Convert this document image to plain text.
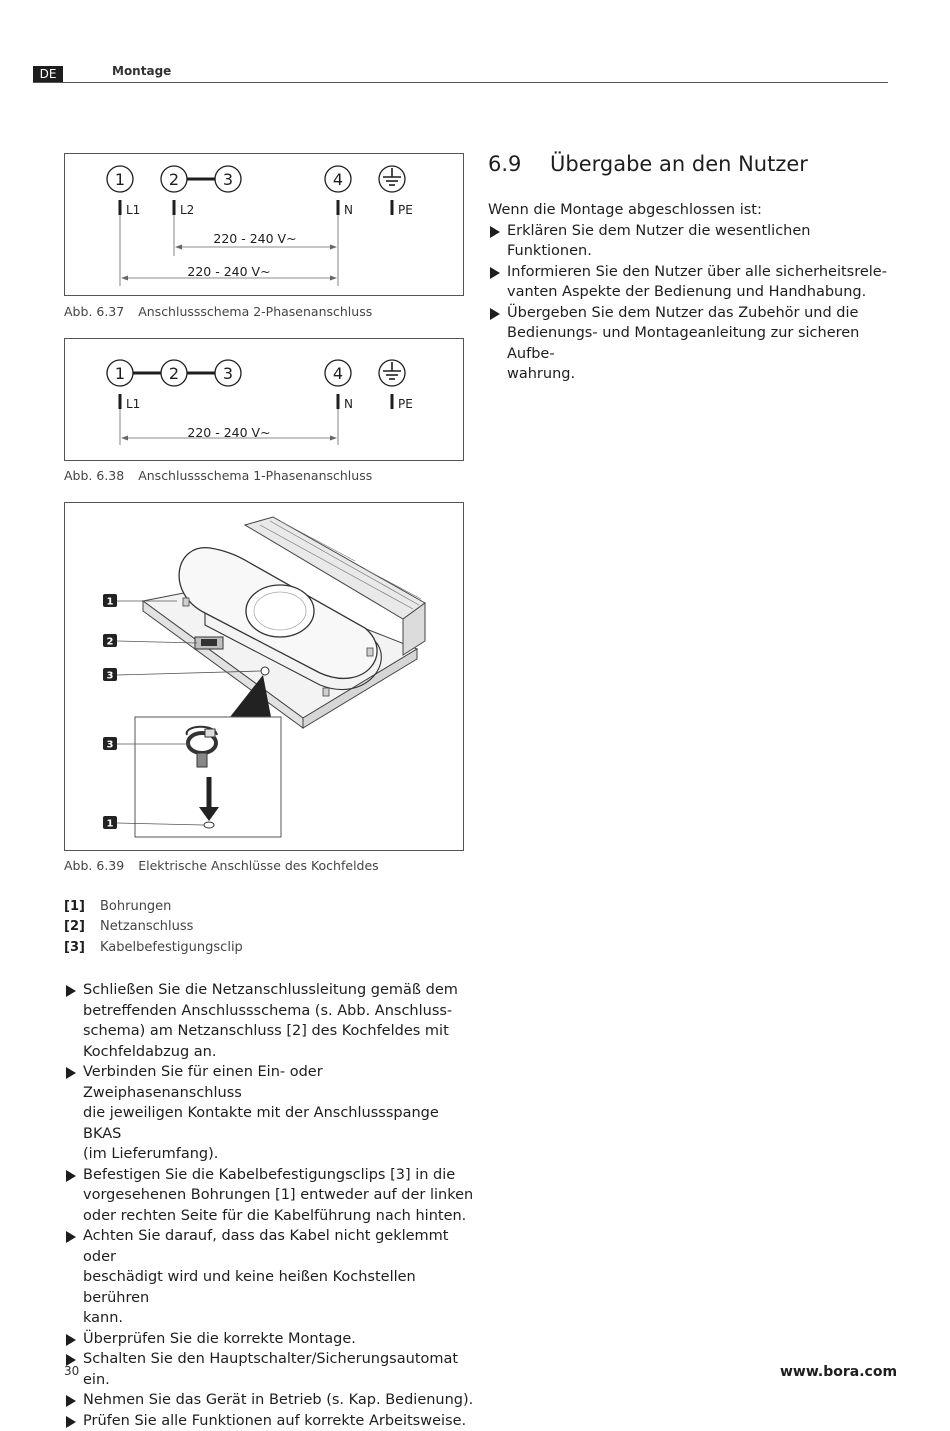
DE	Montage
1	2	3	4
L1	L2	N	PE
220 - 240 V~
220 - 240 V~
Abb. 6.37 Anschlussschema 2-Phasenanschluss
1	2	3	4
L1	N	PE
220 - 240 V~
Abb. 6.38 Anschlussschema 1-Phasenanschluss
1
2
3
3
1
Abb. 6.39 Elektrische Anschlüsse des Kochfeldes
[1] Bohrungen
[2] Netzanschluss
[3] Kabelbefestigungsclip
Schließen Sie die Netzanschlussleitung gemäß dem
betreffenden Anschlussschema (s. Abb. Anschluss-
schema) am Netzanschluss [2] des Kochfeldes mit
Kochfeldabzug an.
Verbinden Sie für einen Ein- oder Zweiphasenanschluss
die jeweiligen Kontakte mit der Anschlussspange BKAS
(im Lieferumfang).
Befestigen Sie die Kabelbefestigungsclips [3] in die
vorgesehenen Bohrungen [1] entweder auf der linken
oder rechten Seite für die Kabelführung nach hinten.
Achten Sie darauf, dass das Kabel nicht geklemmt oder
beschädigt wird und keine heißen Kochstellen berühren
kann.
Überprüfen Sie die korrekte Montage.
Schalten Sie den Hauptschalter/Sicherungsautomat ein.
Nehmen Sie das Gerät in Betrieb (s. Kap. Bedienung).
Prüfen Sie alle Funktionen auf korrekte Arbeitsweise.
6.9 Übergabe an den Nutzer
Wenn die Montage abgeschlossen ist:
Erklären Sie dem Nutzer die wesentlichen Funktionen.
Informieren Sie den Nutzer über alle sicherheitsrele-
vanten Aspekte der Bedienung und Handhabung.
Übergeben Sie dem Nutzer das Zubehör und die
Bedienungs- und Montageanleitung zur sicheren Aufbe-
wahrung.
30	www.bora.com
